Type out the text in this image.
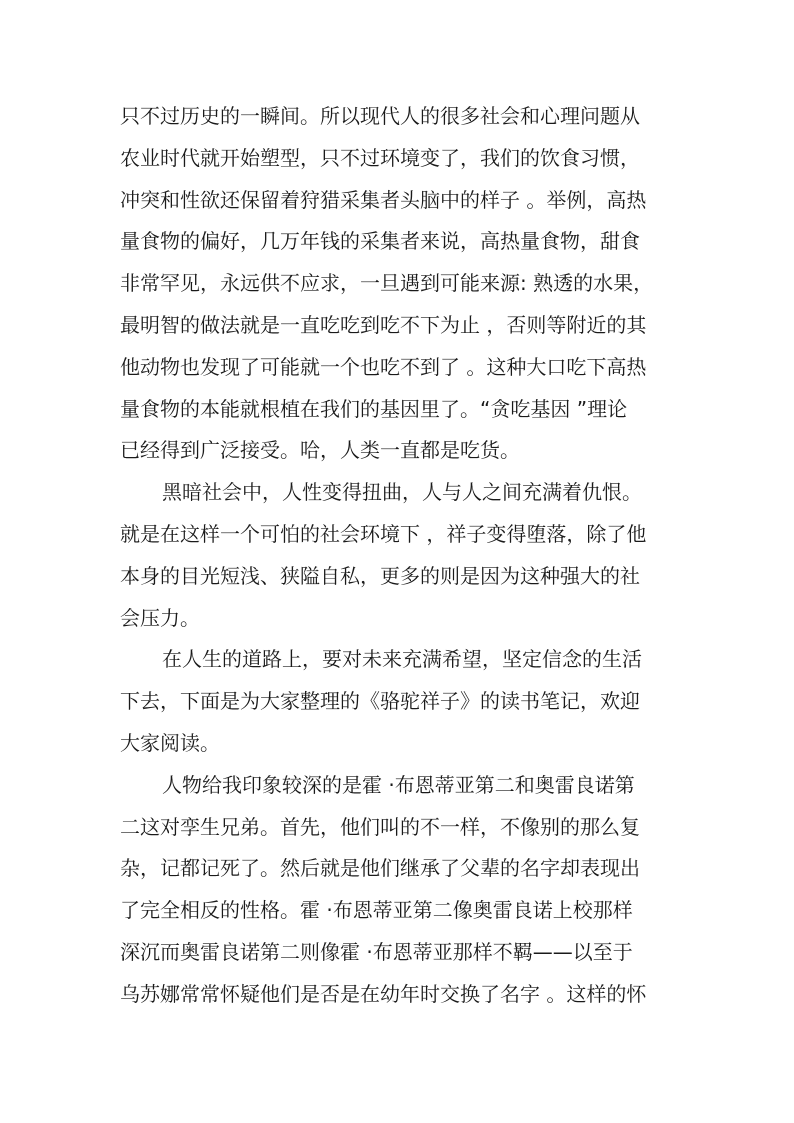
只不过历史的一瞬间。所以现代人的很多社会和心理问题从
农业时代就开始塑型，只不过环境变了，我们的饮食习惯，
冲突和性欲还保留着狩猎采集者头脑中的样子 。举例，高热
量食物的偏好，几万年钱的采集者来说，高热量食物，甜食
非常罕见，永远供不应求，一旦遇到可能来源: 熟透的水果，
最明智的做法就是一直吃吃到吃不下为止 ，否则等附近的其
他动物也发现了可能就一个也吃不到了 。这种大口吃下高热
量食物的本能就根植在我们的基因里了。“贪吃基因 ”理论
已经得到广泛接受。哈，人类一直都是吃货。
黑暗社会中，人性变得扭曲，人与人之间充满着仇恨。
就是在这样一个可怕的社会环境下 ，祥子变得堕落，除了他
本身的目光短浅、狭隘自私，更多的则是因为这种强大的社
会压力。
在人生的道路上，要对未来充满希望，坚定信念的生活
下去，下面是为大家整理的《骆驼祥子》的读书笔记，欢迎
大家阅读。
人物给我印象较深的是霍 ·布恩蒂亚第二和奥雷良诺第
二这对孪生兄弟。首先，他们叫的不一样，不像别的那么复
杂，记都记死了。然后就是他们继承了父辈的名字却表现出
了完全相反的性格。霍 ·布恩蒂亚第二像奥雷良诺上校那样
深沉而奥雷良诺第二则像霍 ·布恩蒂亚那样不羁——以至于
乌苏娜常常怀疑他们是否是在幼年时交换了名字 。这样的怀
